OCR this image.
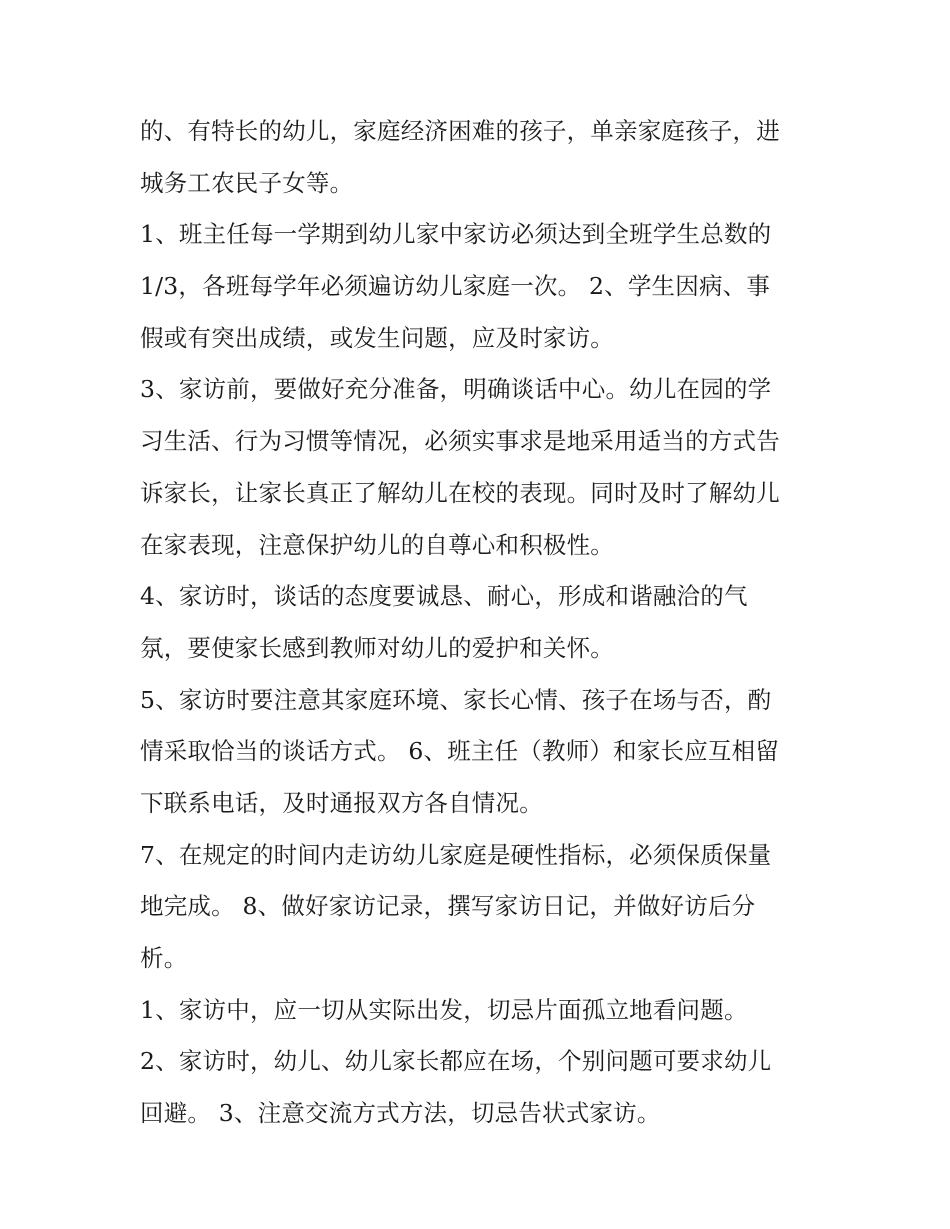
的、有特长的幼儿，家庭经济困难的孩子，单亲家庭孩子，进
城务工农民子女等。
1、班主任每一学期到幼儿家中家访必须达到全班学生总数的
1/3，各班每学年必须遍访幼儿家庭一次。 2、学生因病、事
假或有突出成绩，或发生问题，应及时家访。
3、家访前，要做好充分准备，明确谈话中心。幼儿在园的学
习生活、行为习惯等情况，必须实事求是地采用适当的方式告
诉家长，让家长真正了解幼儿在校的表现。同时及时了解幼儿
在家表现，注意保护幼儿的自尊心和积极性。
4、家访时，谈话的态度要诚恳、耐心，形成和谐融洽的气
氛，要使家长感到教师对幼儿的爱护和关怀。
5、家访时要注意其家庭环境、家长心情、孩子在场与否，酌
情采取恰当的谈话方式。 6、班主任（教师）和家长应互相留
下联系电话，及时通报双方各自情况。
7、在规定的时间内走访幼儿家庭是硬性指标，必须保质保量
地完成。 8、做好家访记录，撰写家访日记，并做好访后分
析。
1、家访中，应一切从实际出发，切忌片面孤立地看问题。
2、家访时，幼儿、幼儿家长都应在场，个别问题可要求幼儿
回避。 3、注意交流方式方法，切忌告状式家访。
